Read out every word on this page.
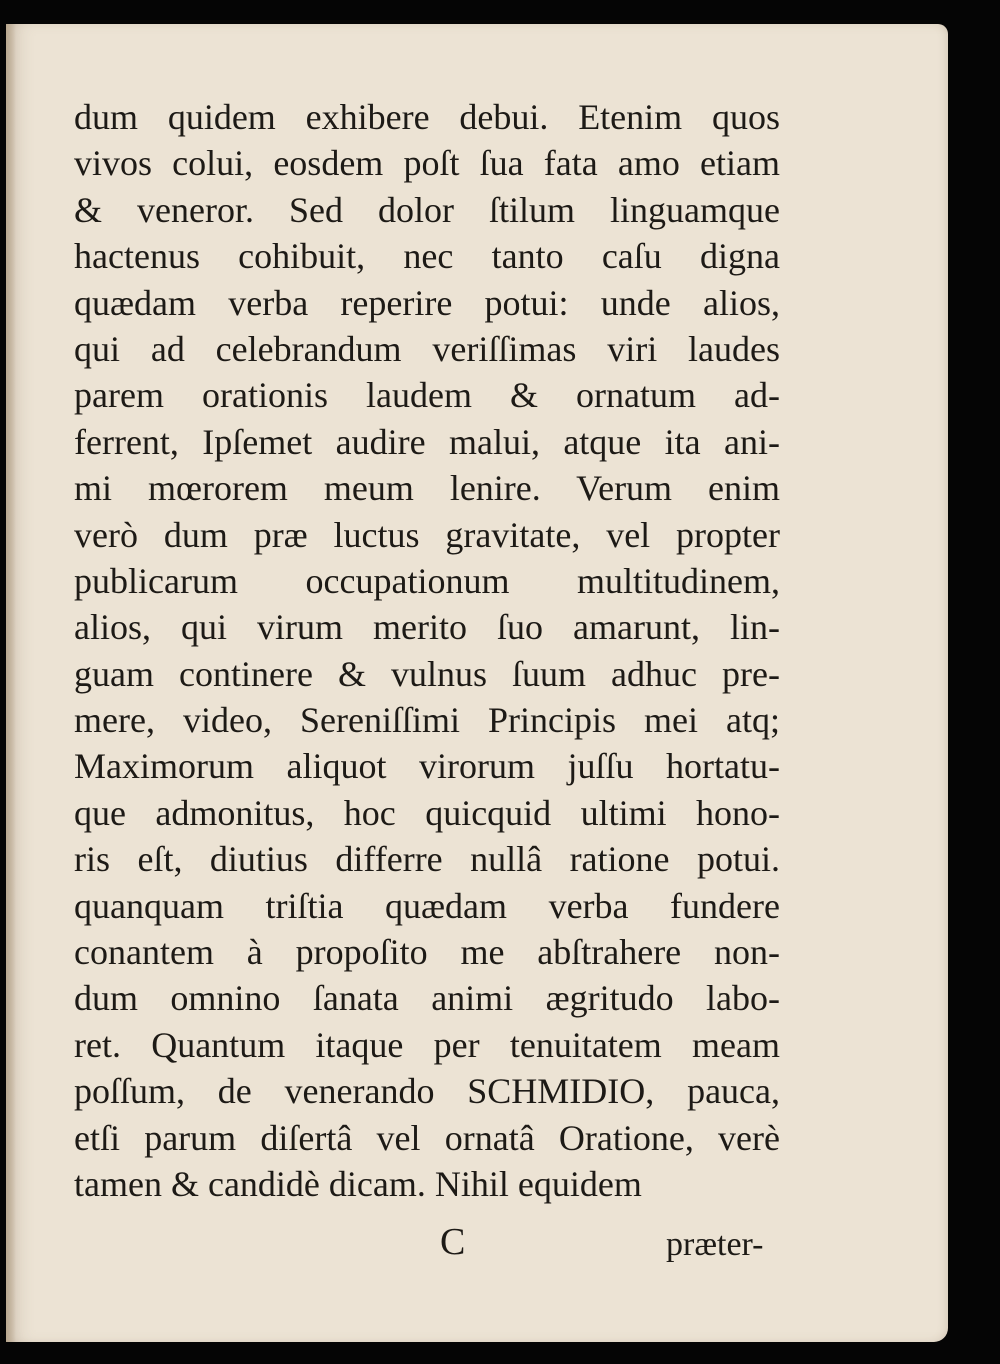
dum quidem exhibere debui. Etenim quos
vivos colui, eosdem poſt ſua fata amo etiam
& veneror. Sed dolor ſtilum linguamque
hactenus cohibuit, nec tanto caſu digna
quædam verba reperire potui: unde alios,
qui ad celebrandum veriſſimas viri laudes
parem orationis laudem & ornatum ad-
ferrent, Ipſemet audire malui, atque ita ani-
mi mœrorem meum lenire. Verum enim
verò dum præ luctus gravitate, vel propter
publicarum occupationum multitudinem,
alios, qui virum merito ſuo amarunt, lin-
guam continere & vulnus ſuum adhuc pre-
mere, video, Sereniſſimi Principis mei atq;
Maximorum aliquot virorum juſſu hortatu-
que admonitus, hoc quicquid ultimi hono-
ris eſt, diutius differre nullâ ratione potui.
quanquam triſtia quædam verba fundere
conantem à propoſito me abſtrahere non-
dum omnino ſanata animi ægritudo labo-
ret. Quantum itaque per tenuitatem meam
poſſum, de venerando SCHMIDIO, pauca,
etſi parum diſertâ vel ornatâ Oratione, verè
tamen & candidè dicam. Nihil equidem
C	præter-
